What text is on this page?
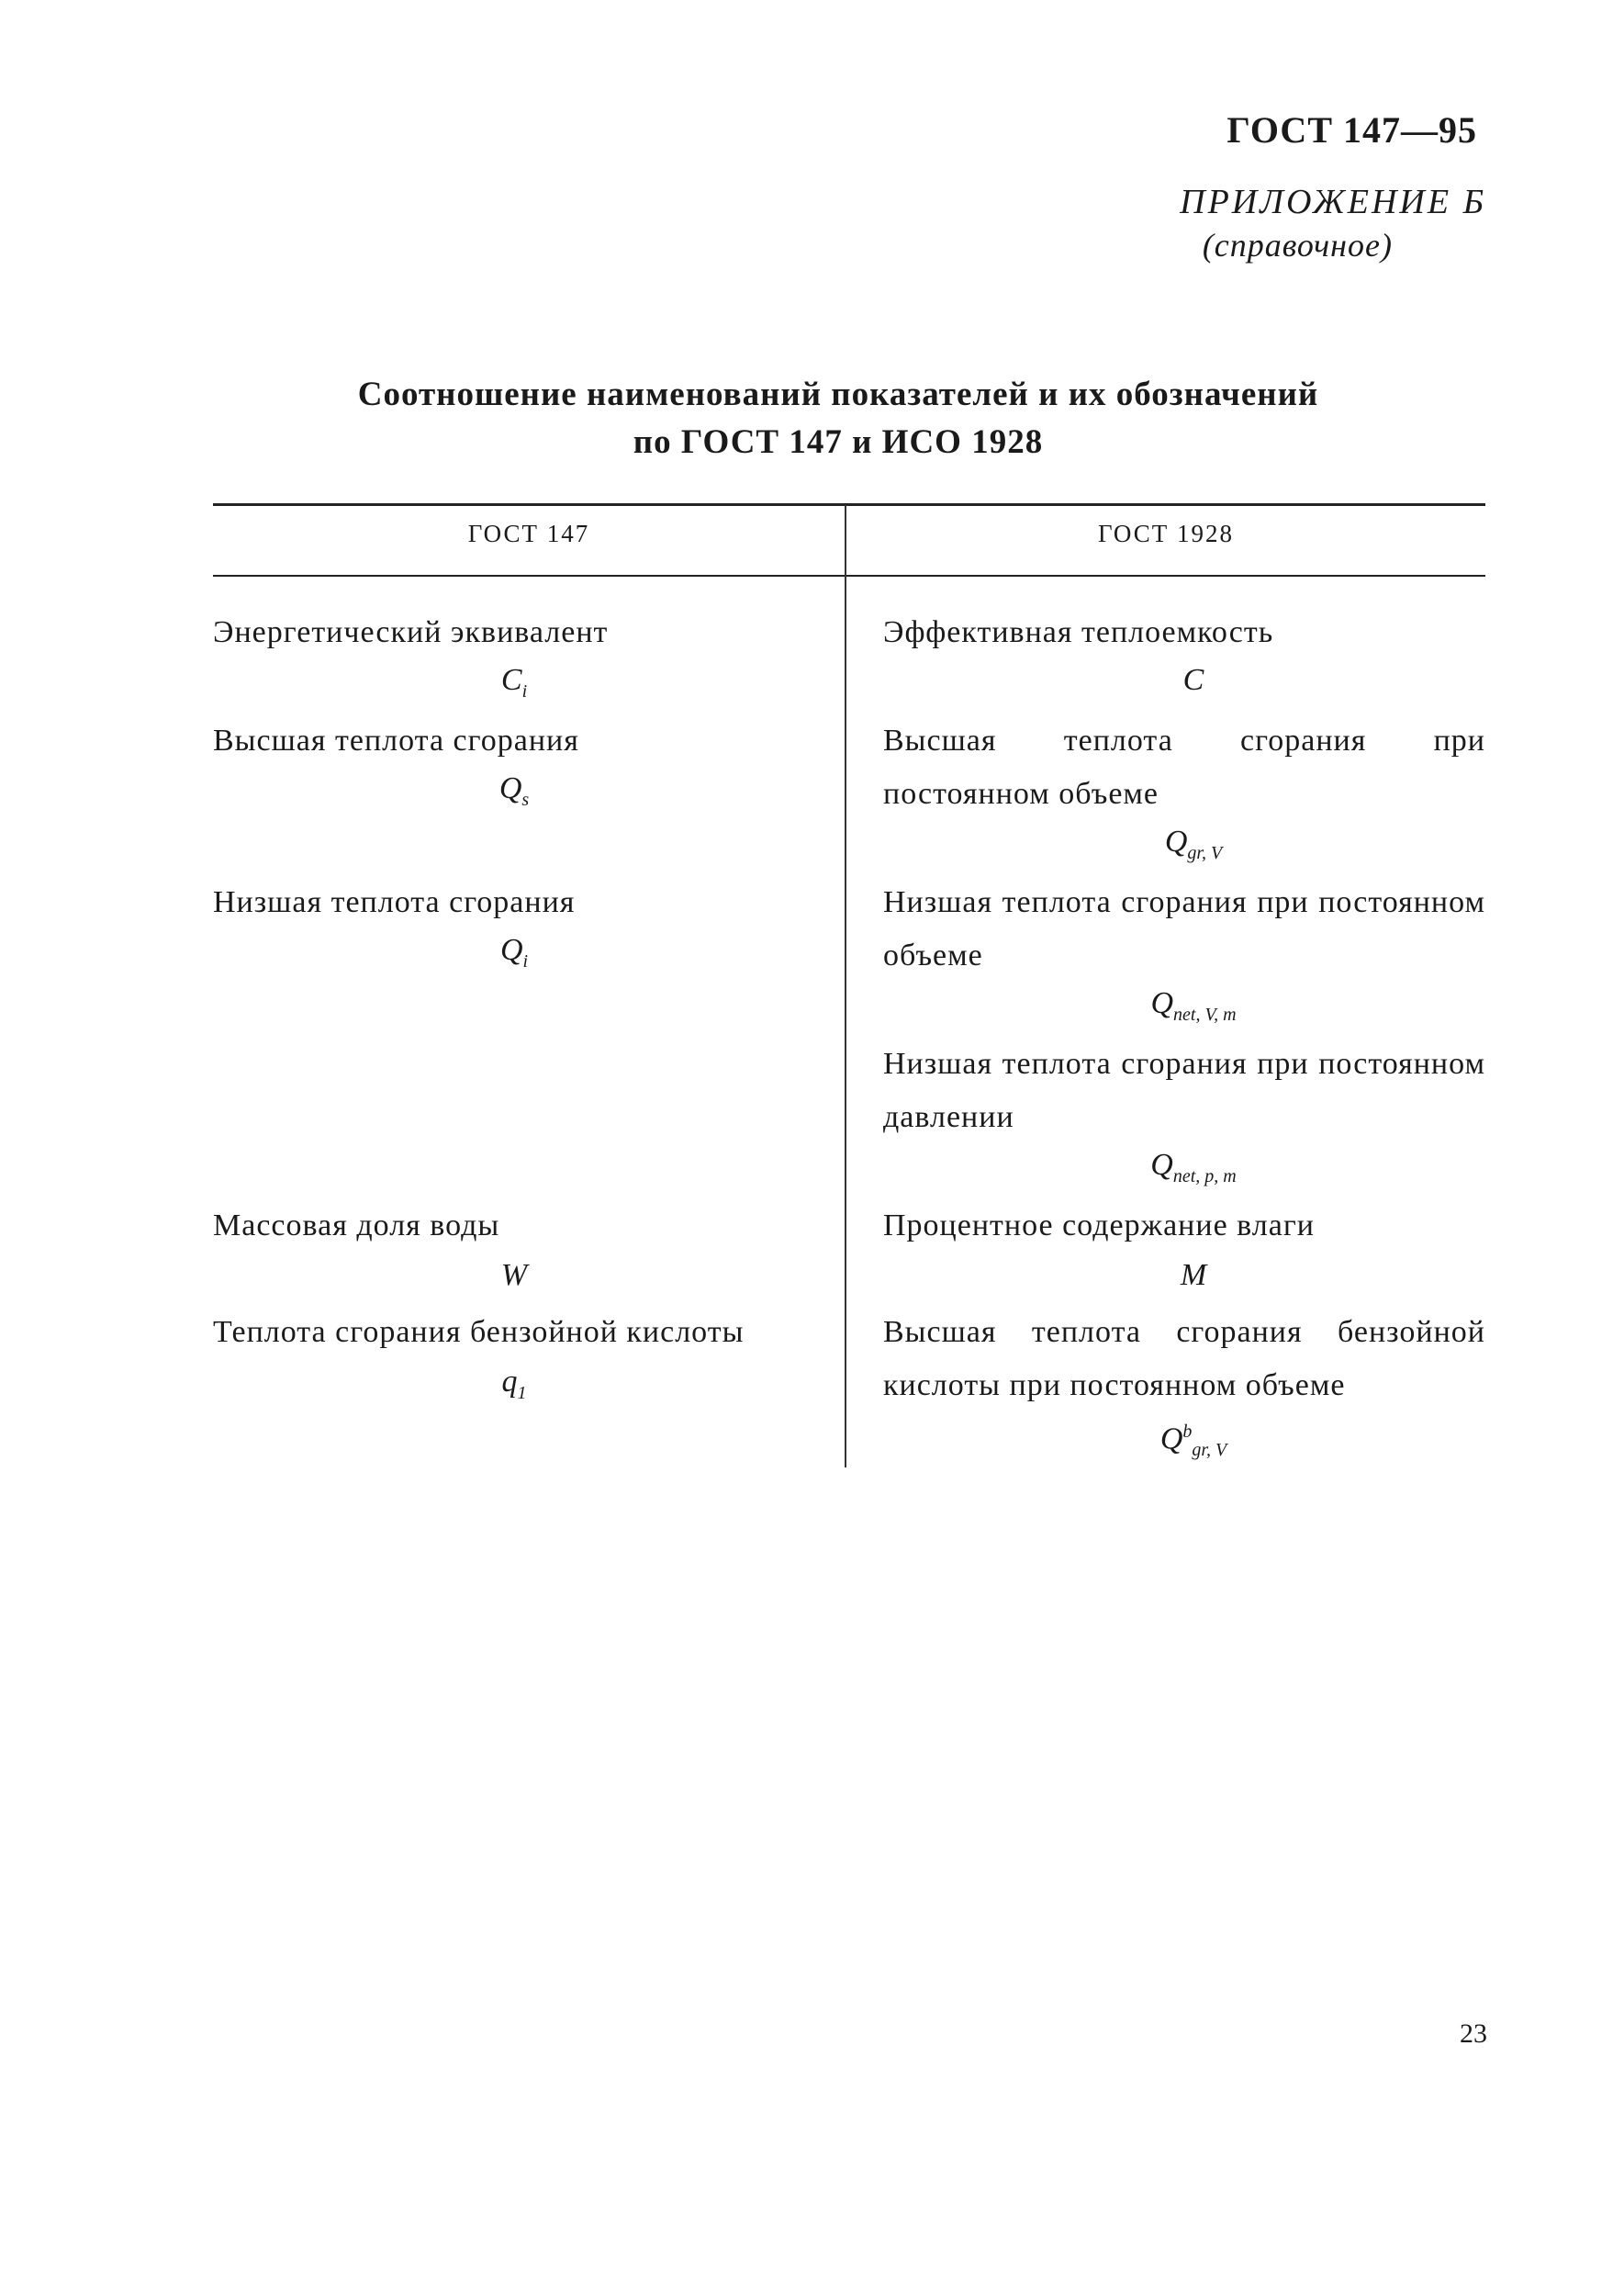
ГОСТ 147—95
ПРИЛОЖЕНИЕ Б
(справочное)
Соотношение наименований показателей и их обозначений
по ГОСТ 147 и ИСО 1928
ГОСТ 147	ГОСТ 1928
Энергетический эквивалент
$C_i$
Высшая теплота сгорания
$Q_s$
Низшая теплота сгорания
$Q_i$
Массовая доля воды
W
Теплота сгорания бензойной кислоты
$q_1$
Эффективная теплоемкость
C
Высшая теплота сгорания при постоянном объеме
$Q_{gr, V}$
Низшая теплота сгорания при постоянном объеме
$Q_{net, V, m}$
Низшая теплота сгорания при постоянном давлении
$Q_{net, p, m}$
Процентное содержание влаги
M
Высшая теплота сгорания бензойной кислоты при постоянном объеме
$Q^b_{gr, V}$
23
